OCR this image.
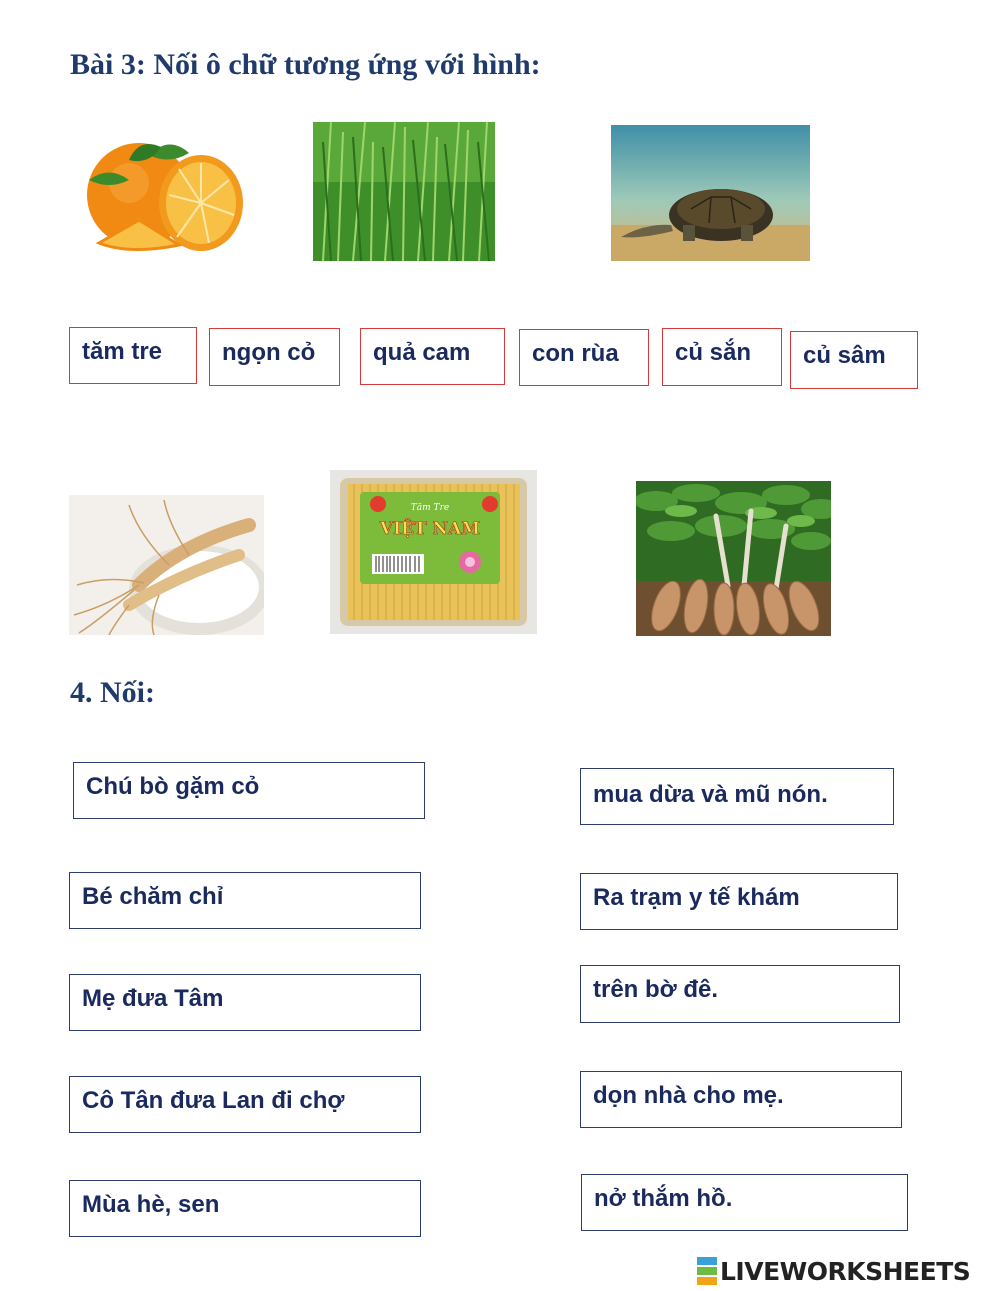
Bài 3: Nối ô chữ tương ứng với hình:
tăm tre	ngọn cỏ	quả cam	con rùa	củ sắn	củ sâm
Tăm Tre
VIỆT NAM
4. Nối:
Chú bò gặm cỏ
Bé chăm chỉ
Mẹ đưa Tâm
Cô Tân đưa Lan đi chợ
Mùa hè, sen
mua dừa và mũ nón.
Ra trạm y tế khám
trên bờ đê.
dọn nhà cho mẹ.
nở thắm hồ.
LIVEWORKSHEETS
